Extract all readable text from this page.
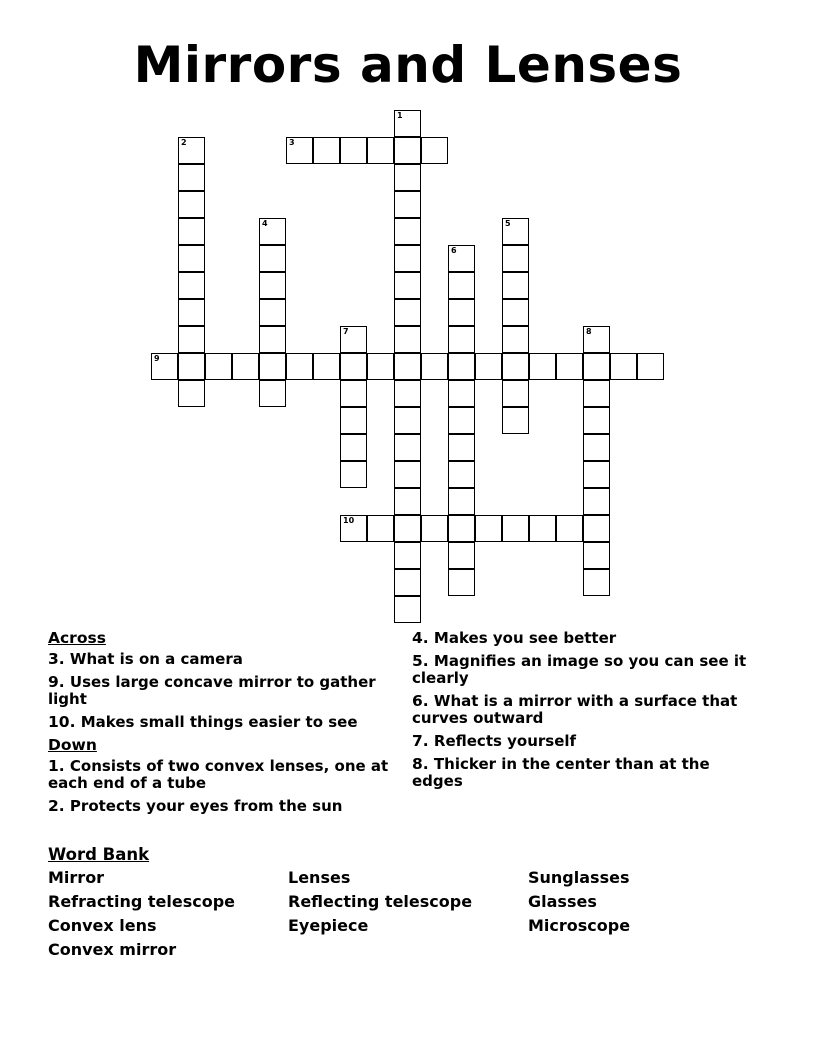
Mirrors and Lenses
1
2	3
4	5
6
7	8
9
10
Across
3. What is on a camera
9. Uses large concave mirror to gather light
10. Makes small things easier to see
Down
1. Consists of two convex lenses, one at each end of a tube
2. Protects your eyes from the sun
4. Makes you see better
5. Magnifies an image so you can see it clearly
6. What is a mirror with a surface that curves outward
7. Reflects yourself
8. Thicker in the center than at the edges
Word Bank
Mirror	Lenses	Sunglasses
Refracting telescope	Reflecting telescope	Glasses
Convex lens	Eyepiece	Microscope
Convex mirror
